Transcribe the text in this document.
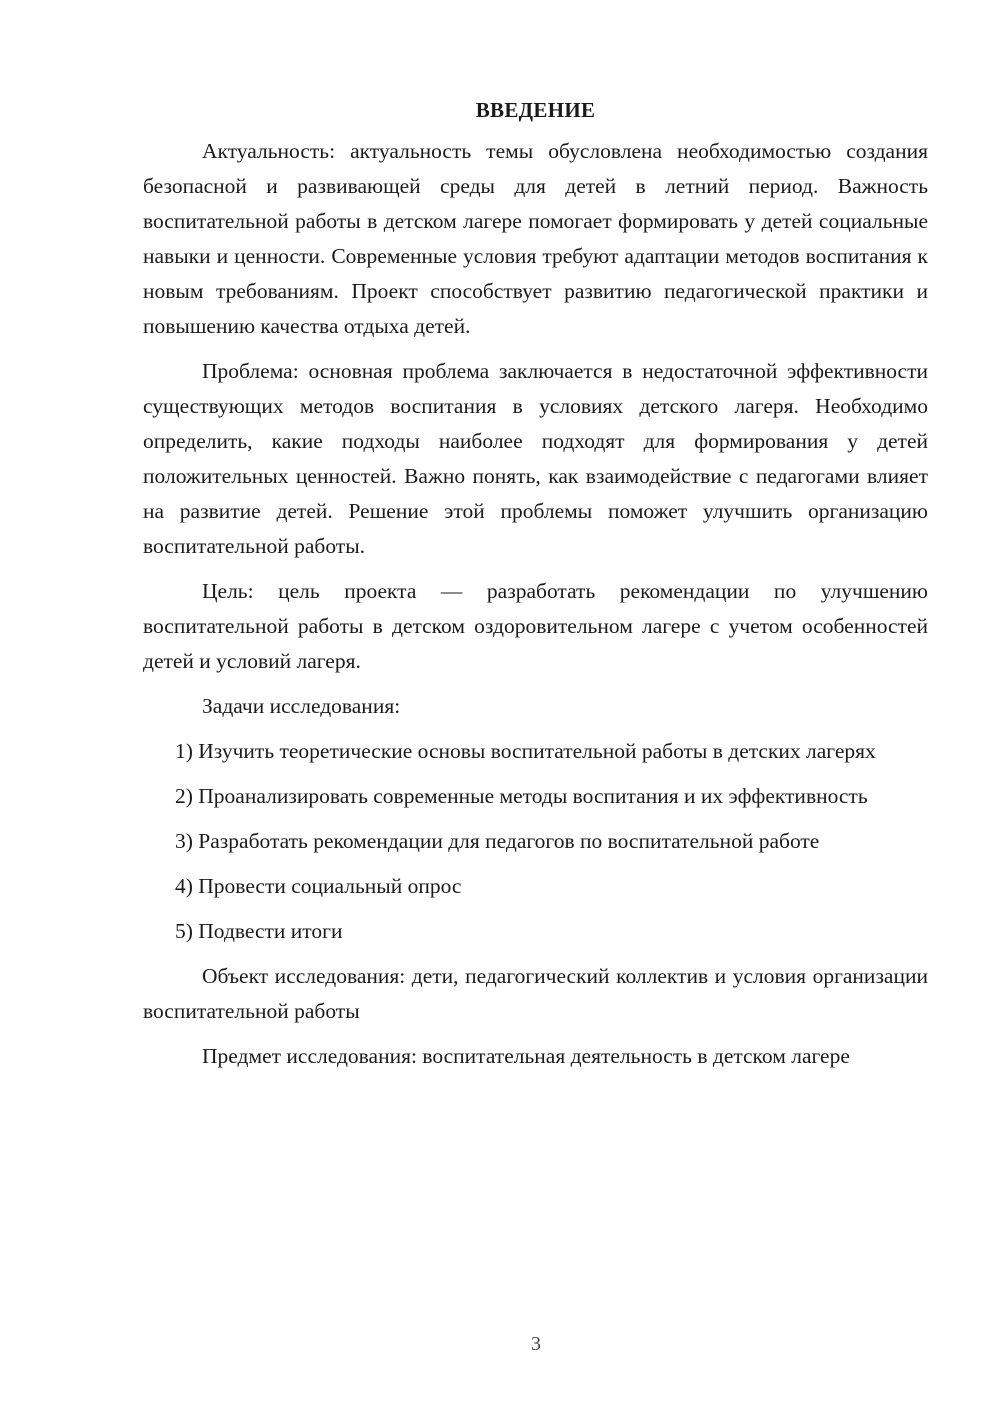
ВВЕДЕНИЕ

Актуальность: актуальность темы обусловлена необходимостью создания безопасной и развивающей среды для детей в летний период. Важность воспитательной работы в детском лагере помогает формировать у детей социальные навыки и ценности. Современные условия требуют адаптации методов воспитания к новым требованиям. Проект способствует развитию педагогической практики и повышению качества отдыха детей.

Проблема: основная проблема заключается в недостаточной эффективности существующих методов воспитания в условиях детского лагеря. Необходимо определить, какие подходы наиболее подходят для формирования у детей положительных ценностей. Важно понять, как взаимодействие с педагогами влияет на развитие детей. Решение этой проблемы поможет улучшить организацию воспитательной работы.

Цель: цель проекта — разработать рекомендации по улучшению воспитательной работы в детском оздоровительном лагере с учетом особенностей детей и условий лагеря.

Задачи исследования:

1) Изучить теоретические основы воспитательной работы в детских лагерях

2) Проанализировать современные методы воспитания и их эффективность

3) Разработать рекомендации для педагогов по воспитательной работе

4) Провести социальный опрос

5) Подвести итоги

Объект исследования: дети, педагогический коллектив и условия организации воспитательной работы

Предмет исследования: воспитательная деятельность в детском лагере

3
